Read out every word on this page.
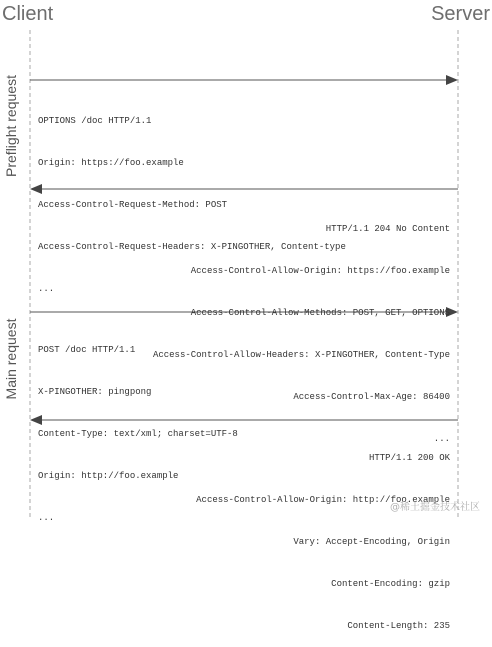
Client	Server
Preflight request
Main request

OPTIONS /doc HTTP/1.1

Origin: https://foo.example

Access-Control-Request-Method: POST

Access-Control-Request-Headers: X-PINGOTHER, Content-type

...

HTTP/1.1 204 No Content

Access-Control-Allow-Origin: https://foo.example

Access-Control-Allow-Methods: POST, GET, OPTIONS

Access-Control-Allow-Headers: X-PINGOTHER, Content-Type

Access-Control-Max-Age: 86400

...

POST /doc HTTP/1.1

X-PINGOTHER: pingpong

Content-Type: text/xml; charset=UTF-8

Origin: http://foo.example

...

HTTP/1.1 200 OK

Access-Control-Allow-Origin: http://foo.example

Vary: Accept-Encoding, Origin

Content-Encoding: gzip

Content-Length: 235

@稀土掘金技术社区
